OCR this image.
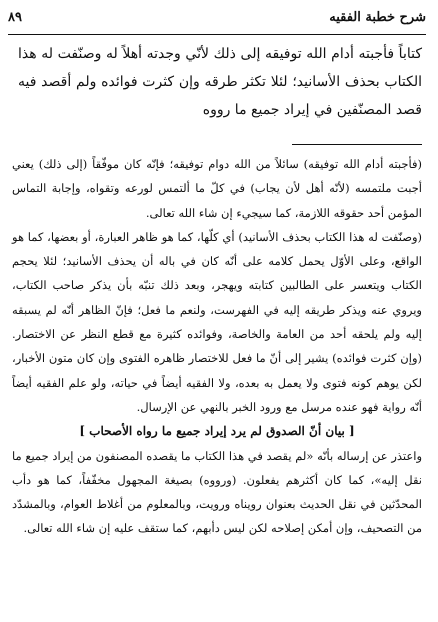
شرح خطبة الفقيه
٨٩

كتاباً فأجبته أدام الله توفيقه إلى ذلك لأنّي وجدته أهلاً له وصنّفت له هذا الكتاب بحذف الأسانيد؛ لئلا تكثر طرقه وإن كثرت فوائده ولم أقصد فيه قصد المصنّفين في إيراد جميع ما رووه

(فأجبته أدام الله توفيقه) سائلاً من الله دوام توفيقه؛ فإنّه كان موفّقاً (إلى ذلك) يعني أجبت ملتمسه (لأنّه أهل لأن يجاب) في كلّ ما ألتمس لورعه وتقواه، وإجابة التماس المؤمن أحد حقوقه اللازمة، كما سيجيء إن شاء الله تعالى.

(وصنّفت له هذا الكتاب بحذف الأسانيد) أي كلّها، كما هو ظاهر العبارة، أو بعضها، كما هو الواقع، وعلى الأوّل يحمل كلامه على أنّه كان في باله أن يحذف الأسانيد؛ لئلا يحجم الكتاب ويتعسر على الطالبين كتابته ويهجر، وبعد ذلك تنبّه بأن يذكر صاحب الكتاب، ويروي عنه ويذكر طريقه إليه في الفهرست، ولنعم ما فعل؛ فإنّ الظاهر أنّه لم يسبقه إليه ولم يلحقه أحد من العامة والخاصة، وفوائده كثيرة مع قطع النظر عن الاختصار. (وإن كثرت فوائده) يشير إلى أنّ ما فعل للاختصار ظاهره الفتوى وإن كان متون الأخبار، لكن يوهم كونه فتوى ولا يعمل به بعده، ولا الفقيه أيضاً في حياته، ولو علم الفقيه أيضاً أنّه رواية فهو عنده مرسل مع ورود الخبر بالنهي عن الإرسال.

[ بيان أنّ الصدوق لم يرد إيراد جميع ما رواه الأصحاب ]

واعتذر عن إرساله بأنّه «لم يقصد في هذا الكتاب ما يقصده المصنفون من إيراد جميع ما نقل إليه»، كما كان أكثرهم يفعلون. (ورووه) بصيغة المجهول مخفّفاً، كما هو دأب المحدّثين في نقل الحديث بعنوان رويناه ورويت، وبالمعلوم من أغلاط العوام، وبالمشدّد من التصحيف، وإن أمكن إصلاحه لكن ليس دأبهم، كما ستقف عليه إن شاء الله تعالى.
